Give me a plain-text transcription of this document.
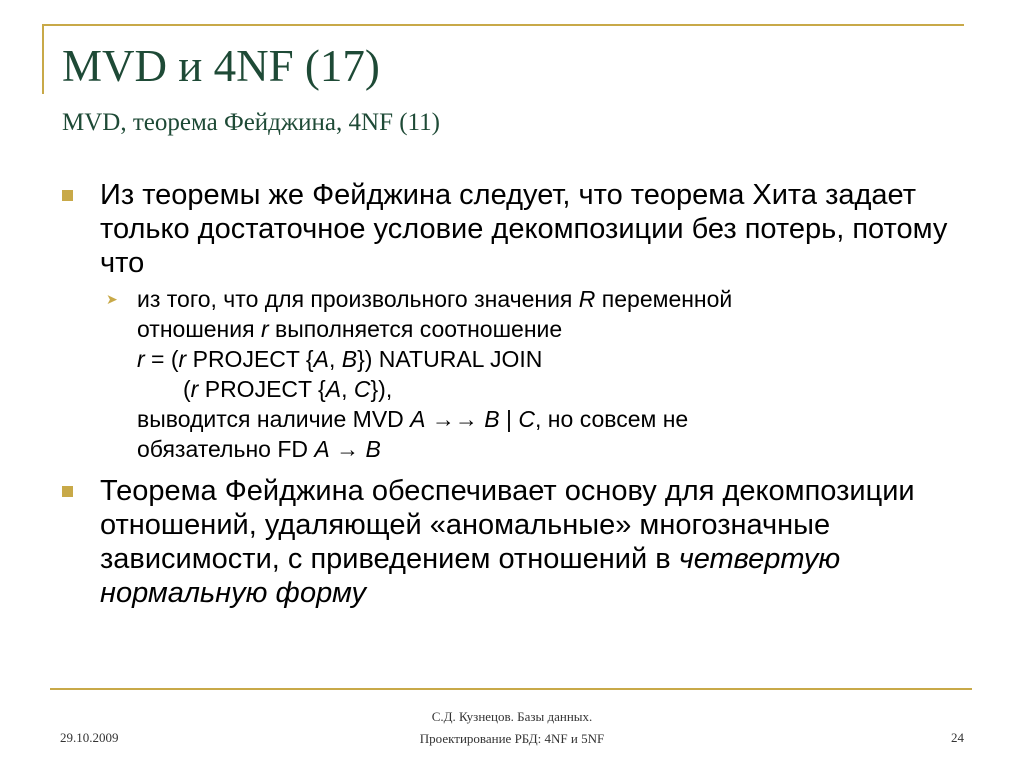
MVD и 4NF (17)
MVD, теорема Фейджина, 4NF (11)

Из теоремы же Фейджина следует, что теорема Хита задает только достаточное условие декомпозиции без потерь, потому что

➤ из того, что для произвольного значения R переменной
отношения r выполняется соотношение
r = (r PROJECT {A, B}) NATURAL JOIN
(r PROJECT {A, C}),
выводится наличие MVD A →→ B | C, но совсем не
обязательно FD A → B

Теорема Фейджина обеспечивает основу для декомпозиции отношений, удаляющей «аномальные» многозначные зависимости, с приведением отношений в четвертую нормальную форму

29.10.2009
С.Д. Кузнецов. Базы данных.
Проектирование РБД: 4NF и 5NF	24
